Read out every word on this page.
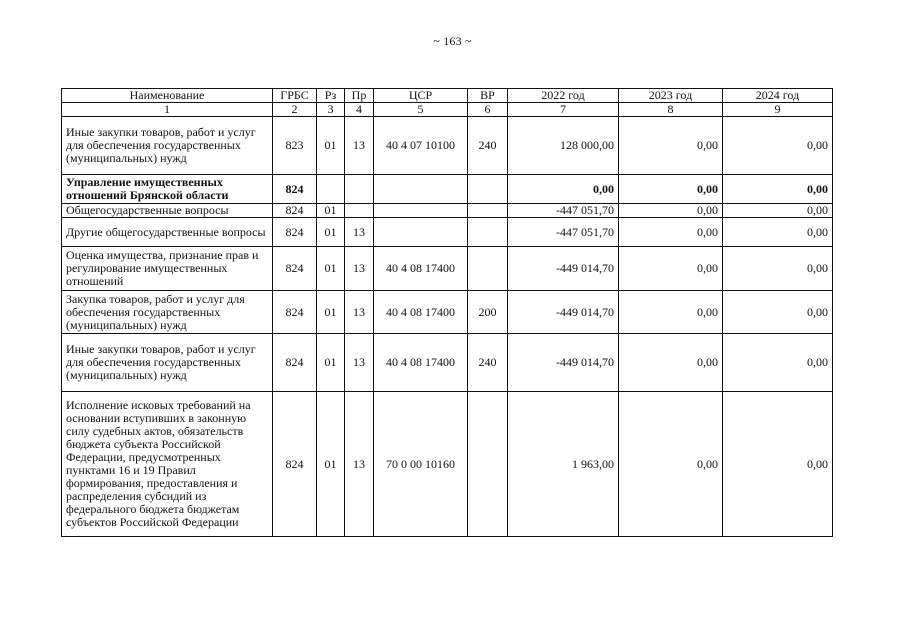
~ 163 ~
Наименование	ГРБС	Рз	Пр	ЦСР	ВР	2022 год	2023 год	2024 год
1	2	3	4	5	6	7	8	9
Иные закупки товаров, работ и услуг для обеспечения государственных (муниципальных) нужд	823	01	13	40 4 07 10100	240	128 000,00	0,00	0,00
Управление имущественных отношений Брянской области	824					0,00	0,00	0,00
Общегосударственные вопросы	824	01				-447 051,70	0,00	0,00
Другие общегосударственные вопросы	824	01	13			-447 051,70	0,00	0,00
Оценка имущества, признание прав и регулирование имущественных отношений	824	01	13	40 4 08 17400		-449 014,70	0,00	0,00
Закупка товаров, работ и услуг для обеспечения государственных (муниципальных) нужд	824	01	13	40 4 08 17400	200	-449 014,70	0,00	0,00
Иные закупки товаров, работ и услуг для обеспечения государственных (муниципальных) нужд	824	01	13	40 4 08 17400	240	-449 014,70	0,00	0,00
Исполнение исковых требований на основании вступивших в законную силу судебных актов, обязательств бюджета субъекта Российской Федерации, предусмотренных пунктами 16 и 19 Правил формирования, предоставления и распределения субсидий из федерального бюджета бюджетам субъектов Российской Федерации	824	01	13	70 0 00 10160		1 963,00	0,00	0,00
